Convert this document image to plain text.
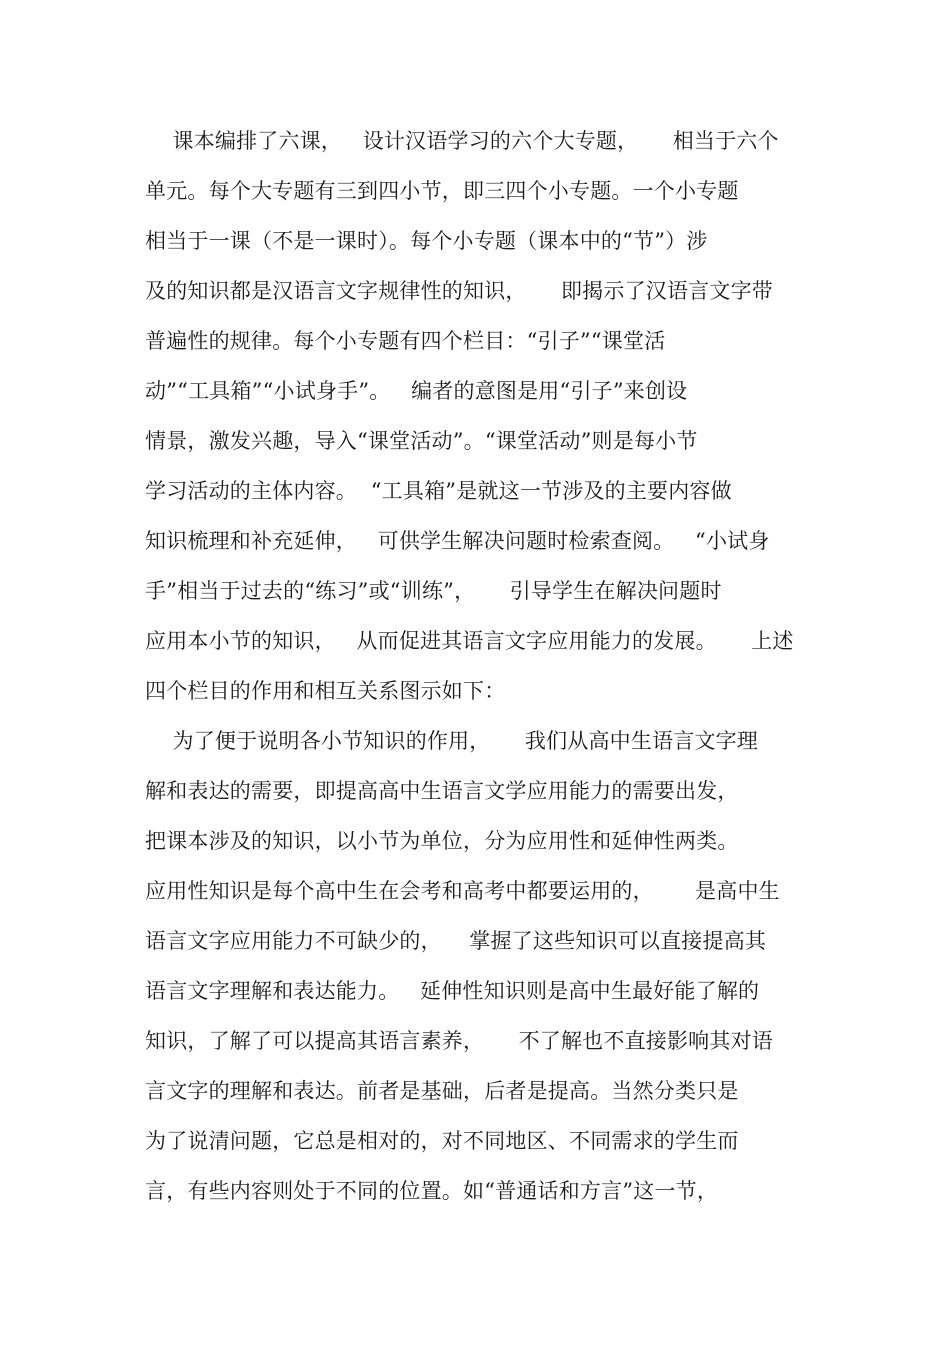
课本编排了六课，   设计汉语学习的六个大专题，     相当于六个
单元。每个大专题有三到四小节，即三四个小专题。一个小专题
相当于一课（不是一课时）。每个小专题（课本中的“节”）涉
及的知识都是汉语言文字规律性的知识，     即揭示了汉语言文字带
普遍性的规律。每个小专题有四个栏目：“引子”“课堂活
动”“工具箱”“小试身手”。   编者的意图是用“引子”来创设
情景，激发兴趣，导入“课堂活动”。“课堂活动”则是每小节
学习活动的主体内容。  “工具箱”是就这一节涉及的主要内容做
知识梳理和补充延伸，   可供学生解决问题时检索查阅。   “小试身
手”相当于过去的“练习”或“训练”，     引导学生在解决问题时
应用本小节的知识，   从而促进其语言文字应用能力的发展。     上述
四个栏目的作用和相互关系图示如下：
为了便于说明各小节知识的作用，     我们从高中生语言文字理
解和表达的需要，即提高高中生语言文学应用能力的需要出发，
把课本涉及的知识，以小节为单位，分为应用性和延伸性两类。
应用性知识是每个高中生在会考和高考中都要运用的，      是高中生
语言文字应用能力不可缺少的，    掌握了这些知识可以直接提高其
语言文字理解和表达能力。   延伸性知识则是高中生最好能了解的
知识，了解了可以提高其语言素养，     不了解也不直接影响其对语
言文字的理解和表达。前者是基础，后者是提高。当然分类只是
为了说清问题，它总是相对的，对不同地区、不同需求的学生而
言，有些内容则处于不同的位置。如“普通话和方言”这一节，
